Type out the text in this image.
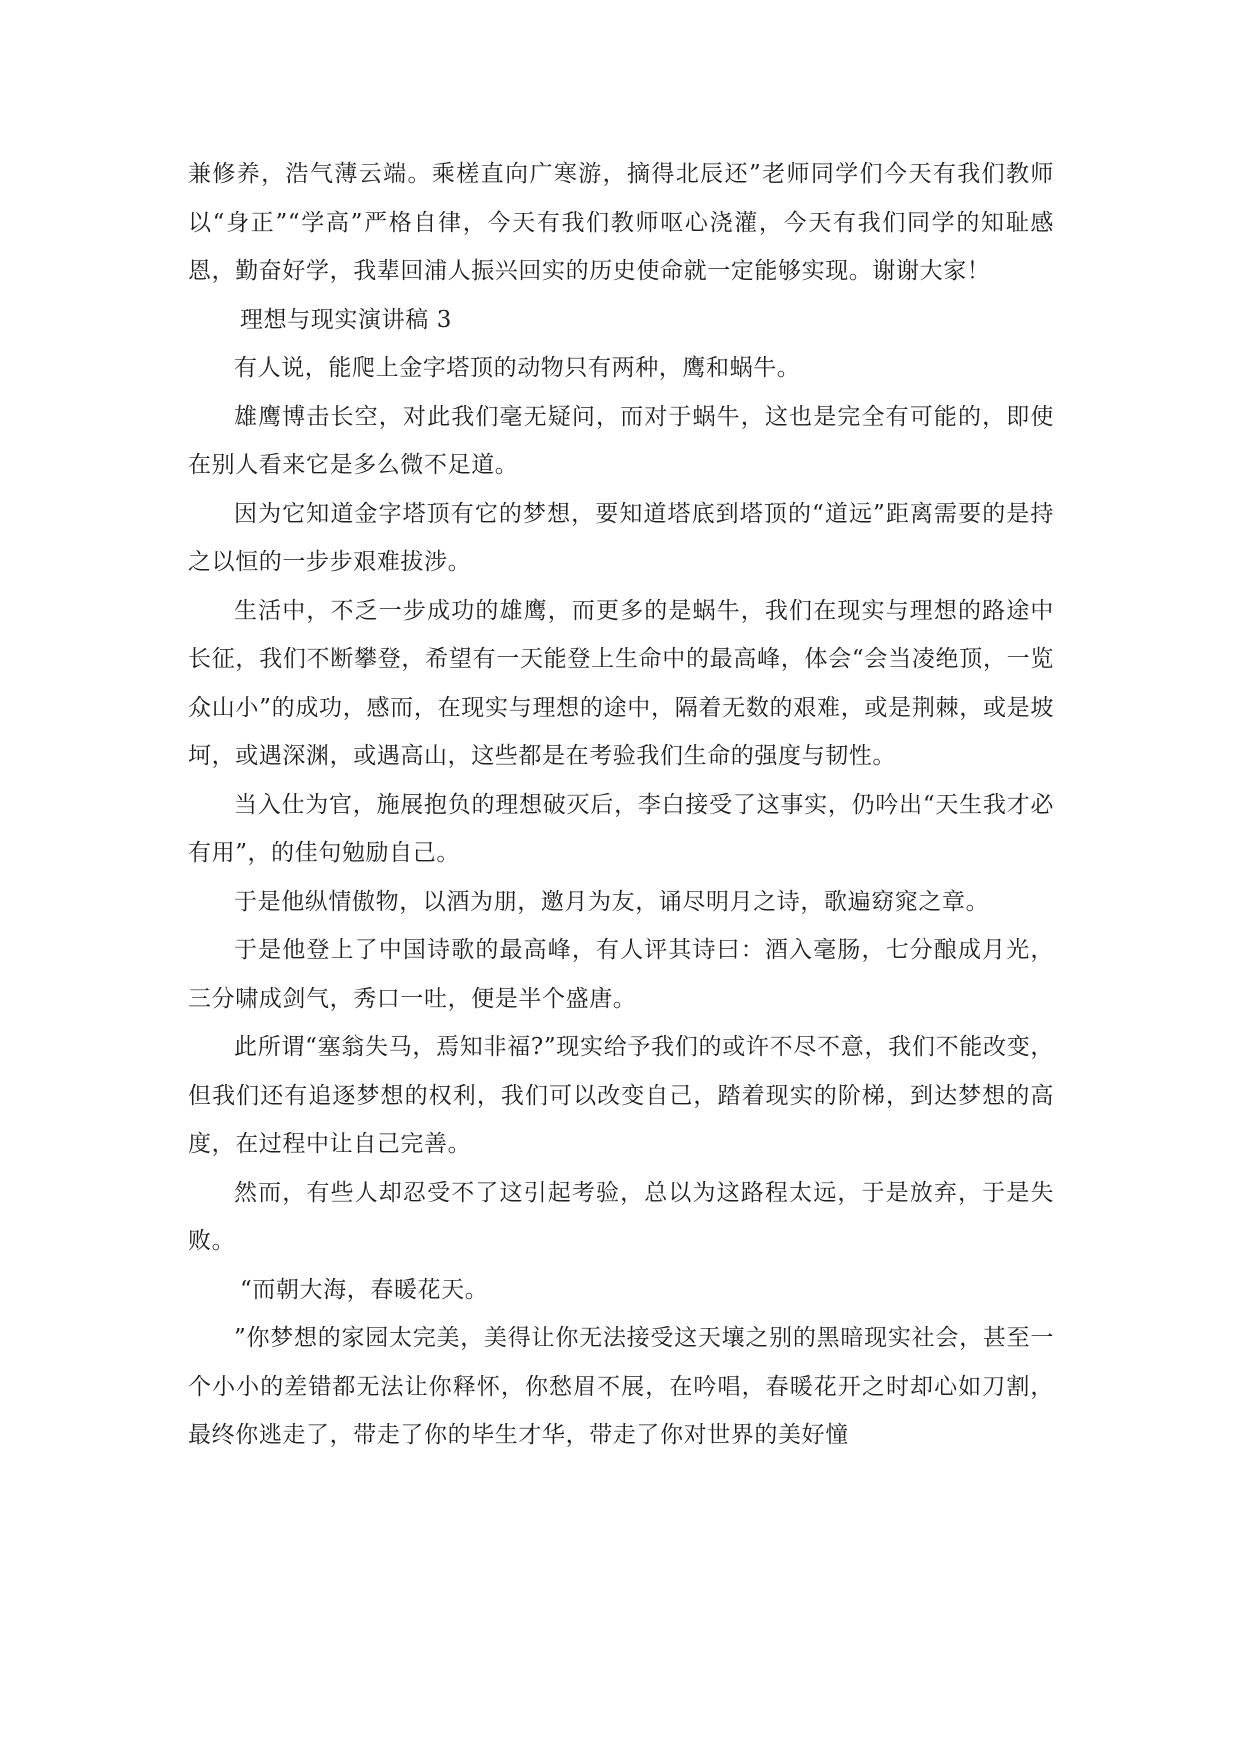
兼修养，浩气薄云端。乘槎直向广寒游，摘得北辰还”老师同学们今天有我们教师以“身正”“学高”严格自律，今天有我们教师呕心浇灌，今天有我们同学的知耻感恩，勤奋好学，我辈回浦人振兴回实的历史使命就一定能够实现。谢谢大家！

理想与现实演讲稿 3

有人说，能爬上金字塔顶的动物只有两种，鹰和蜗牛。

雄鹰博击长空，对此我们毫无疑问，而对于蜗牛，这也是完全有可能的，即使在别人看来它是多么微不足道。

因为它知道金字塔顶有它的梦想，要知道塔底到塔顶的“道远”距离需要的是持之以恒的一步步艰难拔涉。

生活中，不乏一步成功的雄鹰，而更多的是蜗牛，我们在现实与理想的路途中长征，我们不断攀登，希望有一天能登上生命中的最高峰，体会“会当凌绝顶，一览众山小”的成功，感而，在现实与理想的途中，隔着无数的艰难，或是荆棘，或是坡坷，或遇深渊，或遇高山，这些都是在考验我们生命的强度与韧性。

当入仕为官，施展抱负的理想破灭后，李白接受了这事实，仍吟出“天生我才必有用”，的佳句勉励自己。

于是他纵情傲物，以酒为朋，邀月为友，诵尽明月之诗，歌遍窈窕之章。

于是他登上了中国诗歌的最高峰，有人评其诗曰：酒入毫肠，七分酿成月光，三分啸成剑气，秀口一吐，便是半个盛唐。

此所谓“塞翁失马，焉知非福?”现实给予我们的或许不尽不意，我们不能改变，但我们还有追逐梦想的权利，我们可以改变自己，踏着现实的阶梯，到达梦想的高度，在过程中让自己完善。

然而，有些人却忍受不了这引起考验，总以为这路程太远，于是放弃，于是失败。

“而朝大海，春暖花天。

”你梦想的家园太完美，美得让你无法接受这天壤之别的黑暗现实社会，甚至一个小小的差错都无法让你释怀，你愁眉不展，在吟唱，春暖花开之时却心如刀割，最终你逃走了，带走了你的毕生才华，带走了你对世界的美好憧
